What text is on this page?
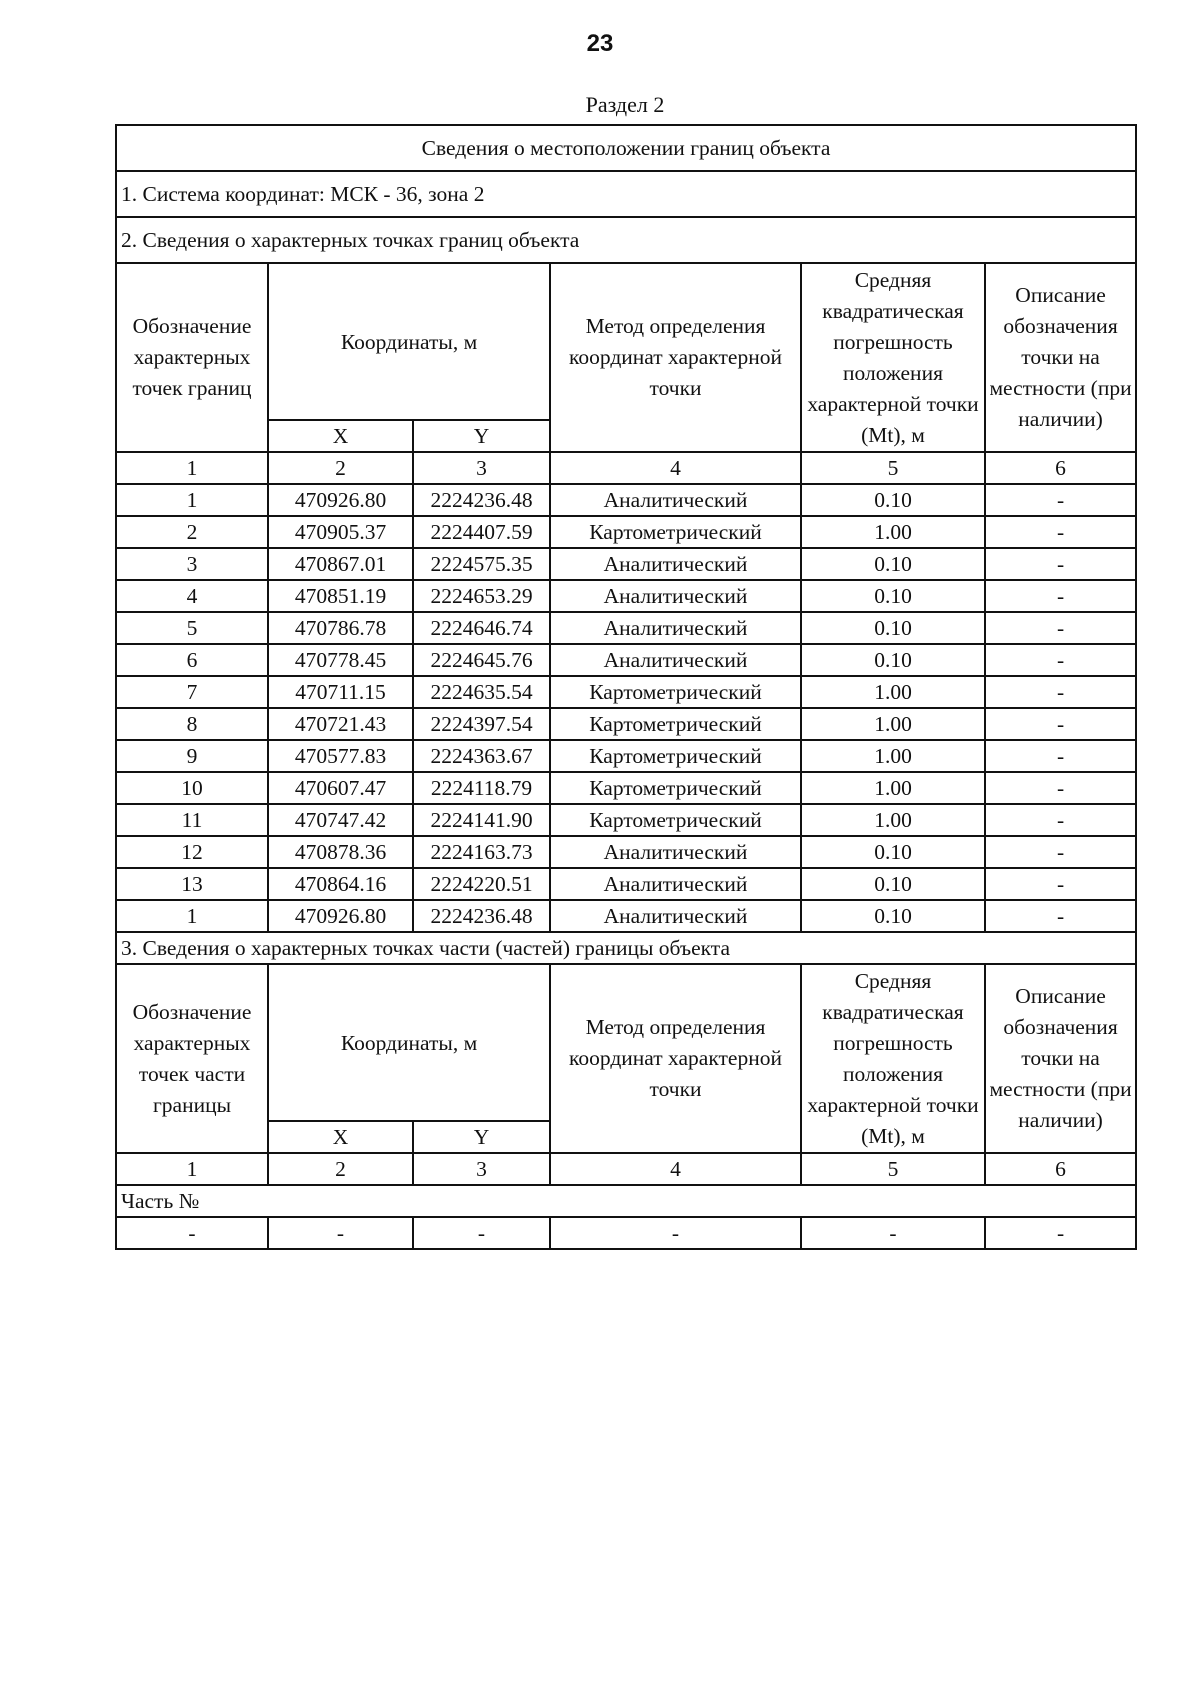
23
Раздел 2
Сведения о местоположении границ объекта					
1. Система координат: МСК - 36, зона 2					
2. Сведения о характерных точках границ объекта					
Обозначение характерных точек границ	Координаты, м		Метод определения координат характерной точки	Средняя квадратическая погрешность положения характерной точки (Mt), м	Описание обозначения точки на местности (при наличии)
	X	Y			
1	2	3	4	5	6
1	470926.80	2224236.48	Аналитический	0.10	-
2	470905.37	2224407.59	Картометрический	1.00	-
3	470867.01	2224575.35	Аналитический	0.10	-
4	470851.19	2224653.29	Аналитический	0.10	-
5	470786.78	2224646.74	Аналитический	0.10	-
6	470778.45	2224645.76	Аналитический	0.10	-
7	470711.15	2224635.54	Картометрический	1.00	-
8	470721.43	2224397.54	Картометрический	1.00	-
9	470577.83	2224363.67	Картометрический	1.00	-
10	470607.47	2224118.79	Картометрический	1.00	-
11	470747.42	2224141.90	Картометрический	1.00	-
12	470878.36	2224163.73	Аналитический	0.10	-
13	470864.16	2224220.51	Аналитический	0.10	-
1	470926.80	2224236.48	Аналитический	0.10	-
3. Сведения о характерных точках части (частей) границы объекта					
Обозначение характерных точек части границы	Координаты, м		Метод определения координат характерной точки	Средняя квадратическая погрешность положения характерной точки (Mt), м	Описание обозначения точки на местности (при наличии)
	X	Y			
1	2	3	4	5	6
Часть №					
-	-	-	-	-	-
